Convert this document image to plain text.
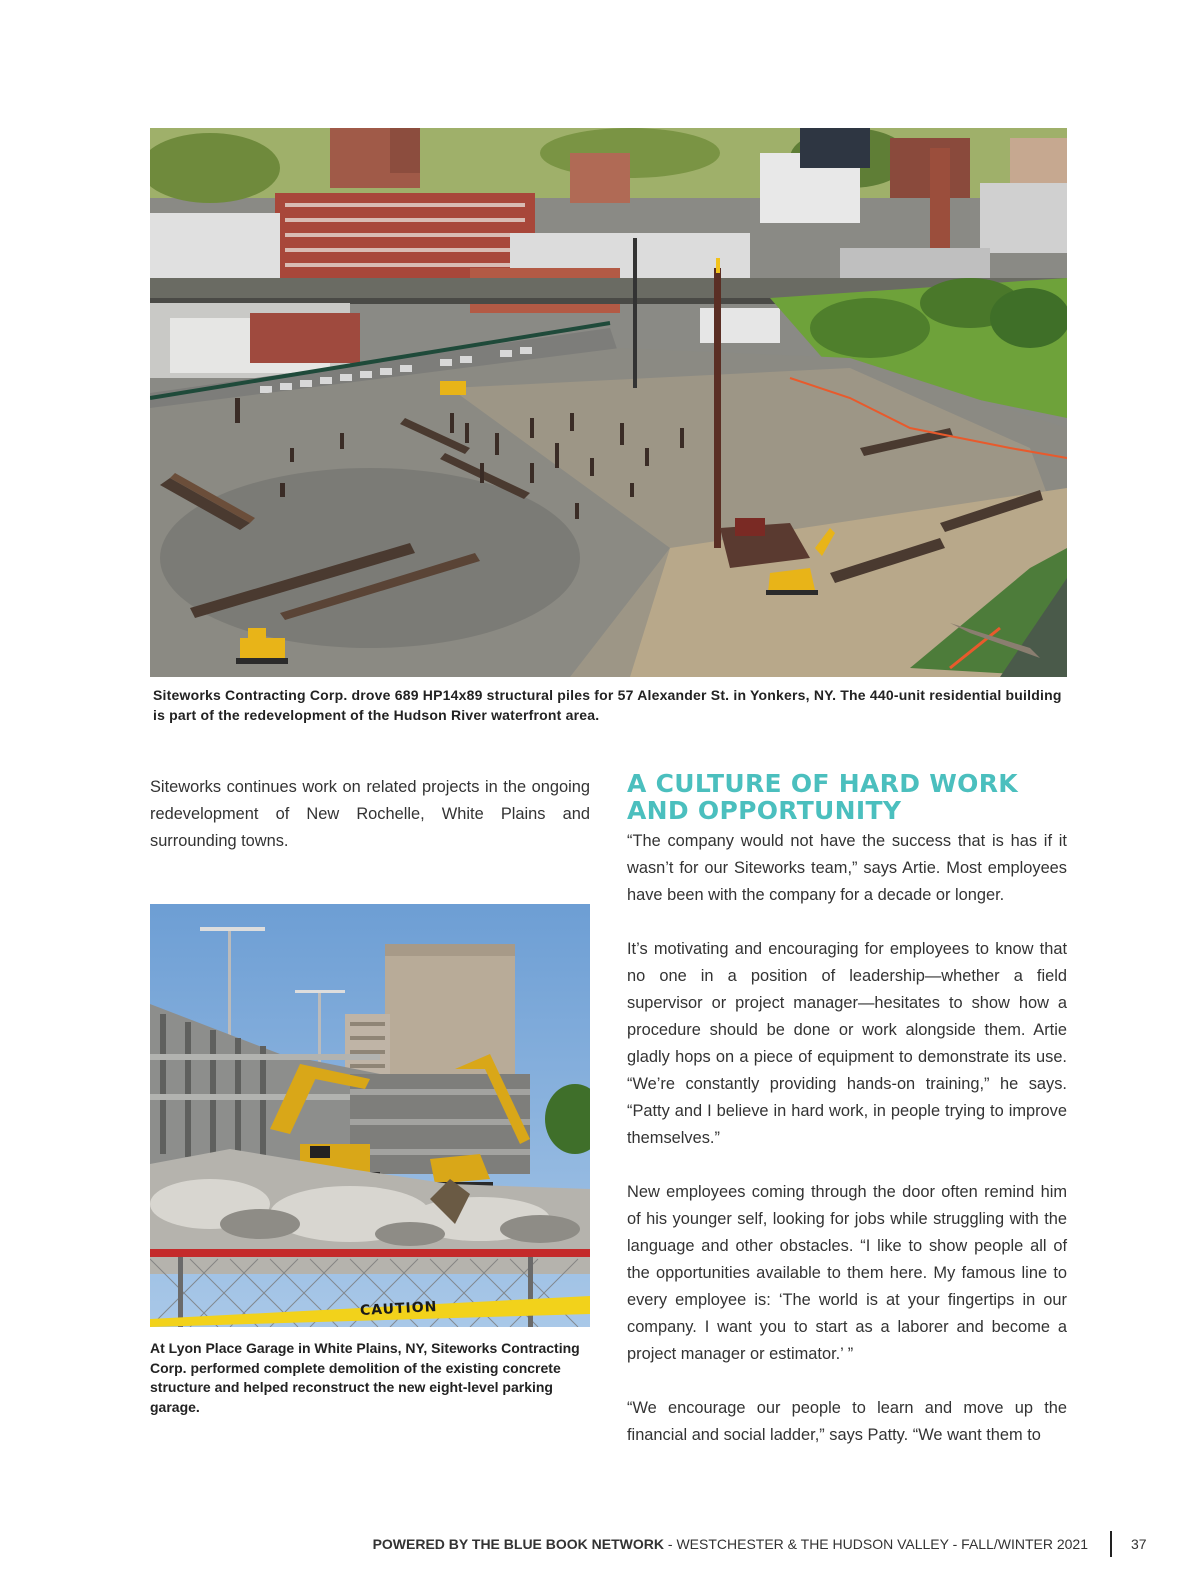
Siteworks Contracting Corp. drove 689 HP14x89 structural piles for 57 Alexander St. in Yonkers, NY. The 440-unit residential building is part of the redevelopment of the Hudson River waterfront area.

Siteworks continues work on related projects in the ongoing redevelopment of New Rochelle, White Plains and surrounding towns.

CAUTION
At Lyon Place Garage in White Plains, NY, Siteworks Contracting Corp. performed complete demolition of the existing concrete structure and helped reconstruct the new eight-level parking garage.
A CULTURE OF HARD WORK
AND OPPORTUNITY

“The company would not have the success that is has if it wasn’t for our Siteworks team,” says Artie. Most employees have been with the company for a decade or longer.

It’s motivating and encouraging for employees to know that no one in a position of leadership—whether a field supervisor or project manager—hesitates to show how a procedure should be done or work alongside them. Artie gladly hops on a piece of equipment to demonstrate its use. “We’re constantly providing hands-on training,” he says. “Patty and I believe in hard work, in people trying to improve themselves.”

New employees coming through the door often remind him of his younger self, looking for jobs while struggling with the language and other obstacles. “I like to show people all of the opportunities available to them here. My famous line to every employee is: ‘The world is at your fingertips in our company. I want you to start as a laborer and become a project manager or estimator.’ ”

“We encourage our people to learn and move up the financial and social ladder,” says Patty. “We want them to

POWERED BY THE BLUE BOOK NETWORK - WESTCHESTER & THE HUDSON VALLEY - FALL/WINTER 2021	37
